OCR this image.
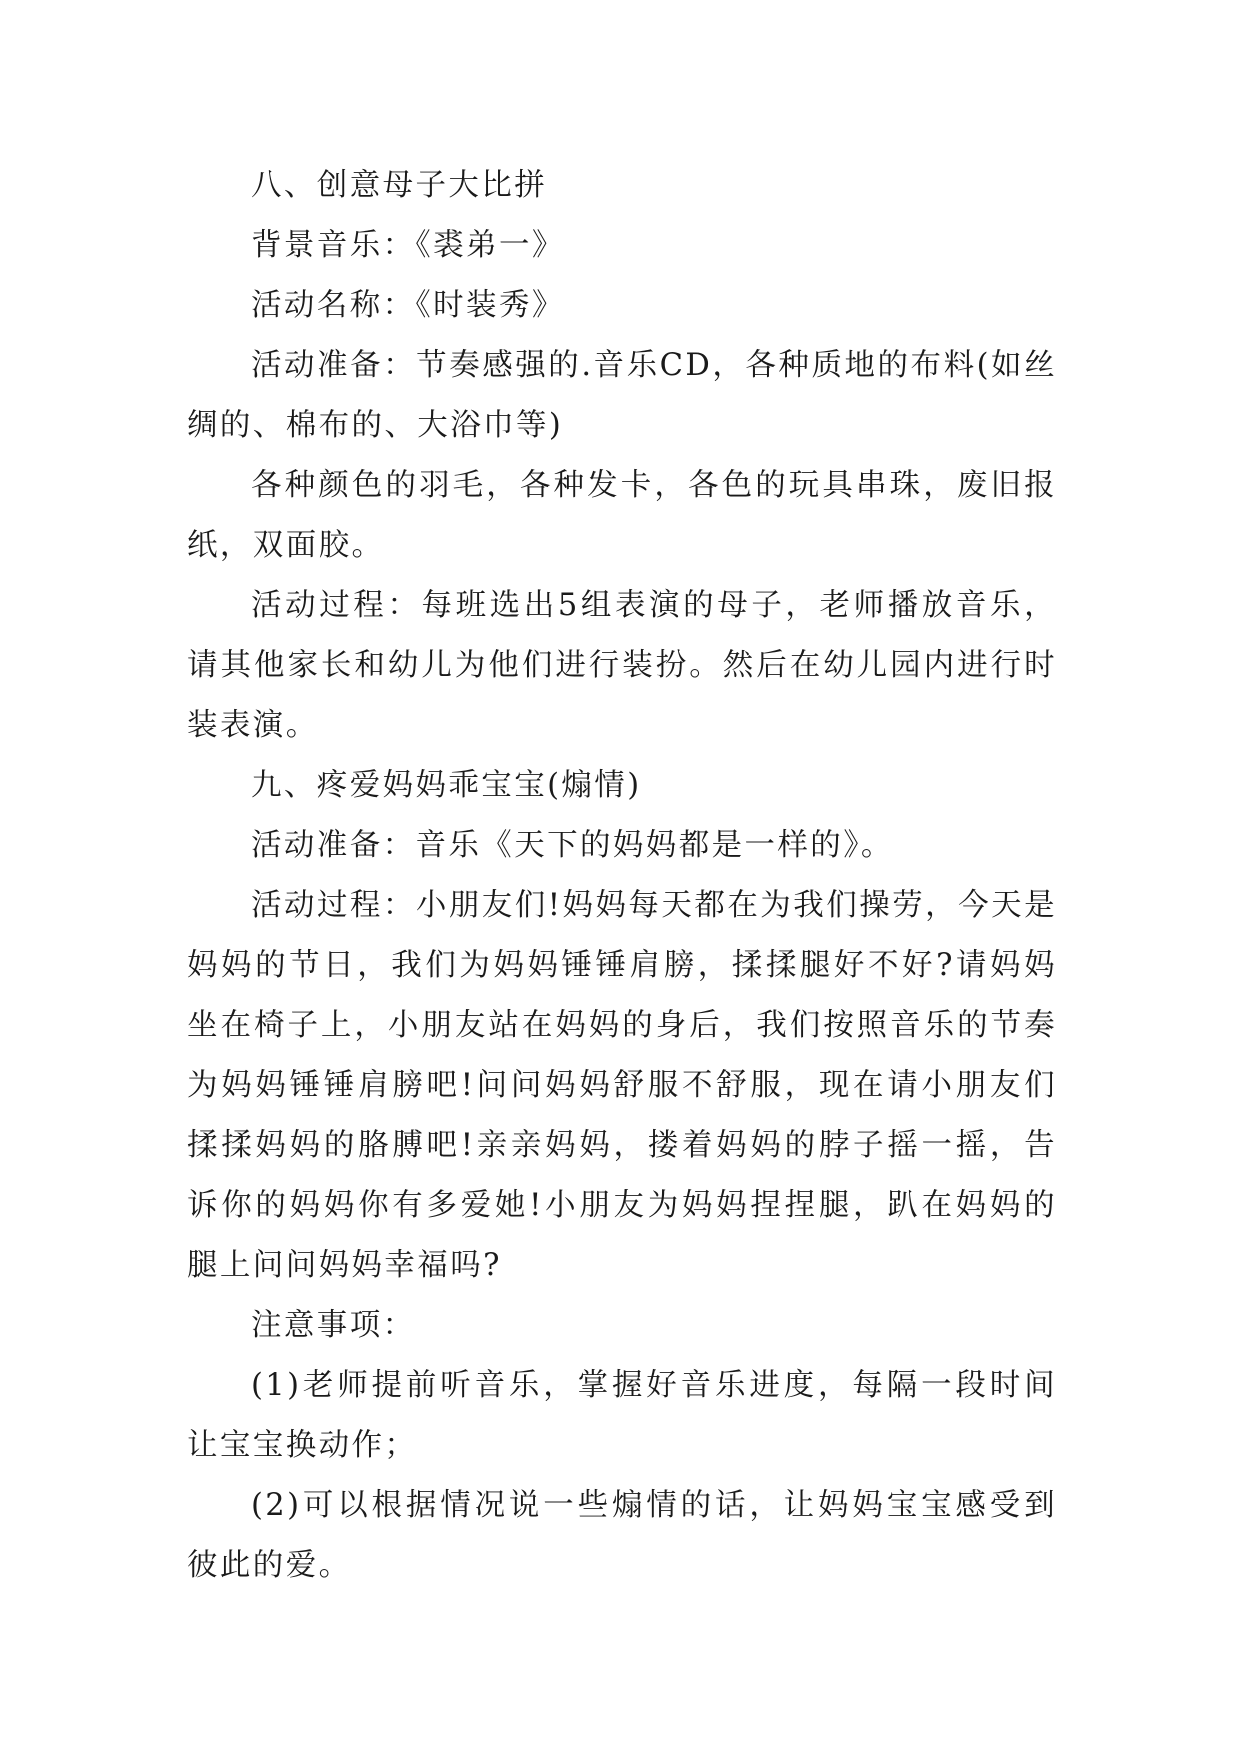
八、创意母子大比拼

背景音乐：《裘弟一》

活动名称：《时装秀》

活动准备：节奏感强的.音乐CD，各种质地的布料(如丝绸的、棉布的、大浴巾等)

各种颜色的羽毛，各种发卡，各色的玩具串珠，废旧报纸，双面胶。

活动过程：每班选出5组表演的母子，老师播放音乐，请其他家长和幼儿为他们进行装扮。然后在幼儿园内进行时装表演。

九、疼爱妈妈乖宝宝(煽情)

活动准备：音乐《天下的妈妈都是一样的》。

活动过程：小朋友们!妈妈每天都在为我们操劳，今天是妈妈的节日，我们为妈妈锤锤肩膀，揉揉腿好不好?请妈妈坐在椅子上，小朋友站在妈妈的身后，我们按照音乐的节奏为妈妈锤锤肩膀吧!问问妈妈舒服不舒服，现在请小朋友们揉揉妈妈的胳膊吧!亲亲妈妈，搂着妈妈的脖子摇一摇，告诉你的妈妈你有多爱她!小朋友为妈妈捏捏腿，趴在妈妈的腿上问问妈妈幸福吗?

注意事项：

(1)老师提前听音乐，掌握好音乐进度，每隔一段时间让宝宝换动作；

(2)可以根据情况说一些煽情的话，让妈妈宝宝感受到彼此的爱。
